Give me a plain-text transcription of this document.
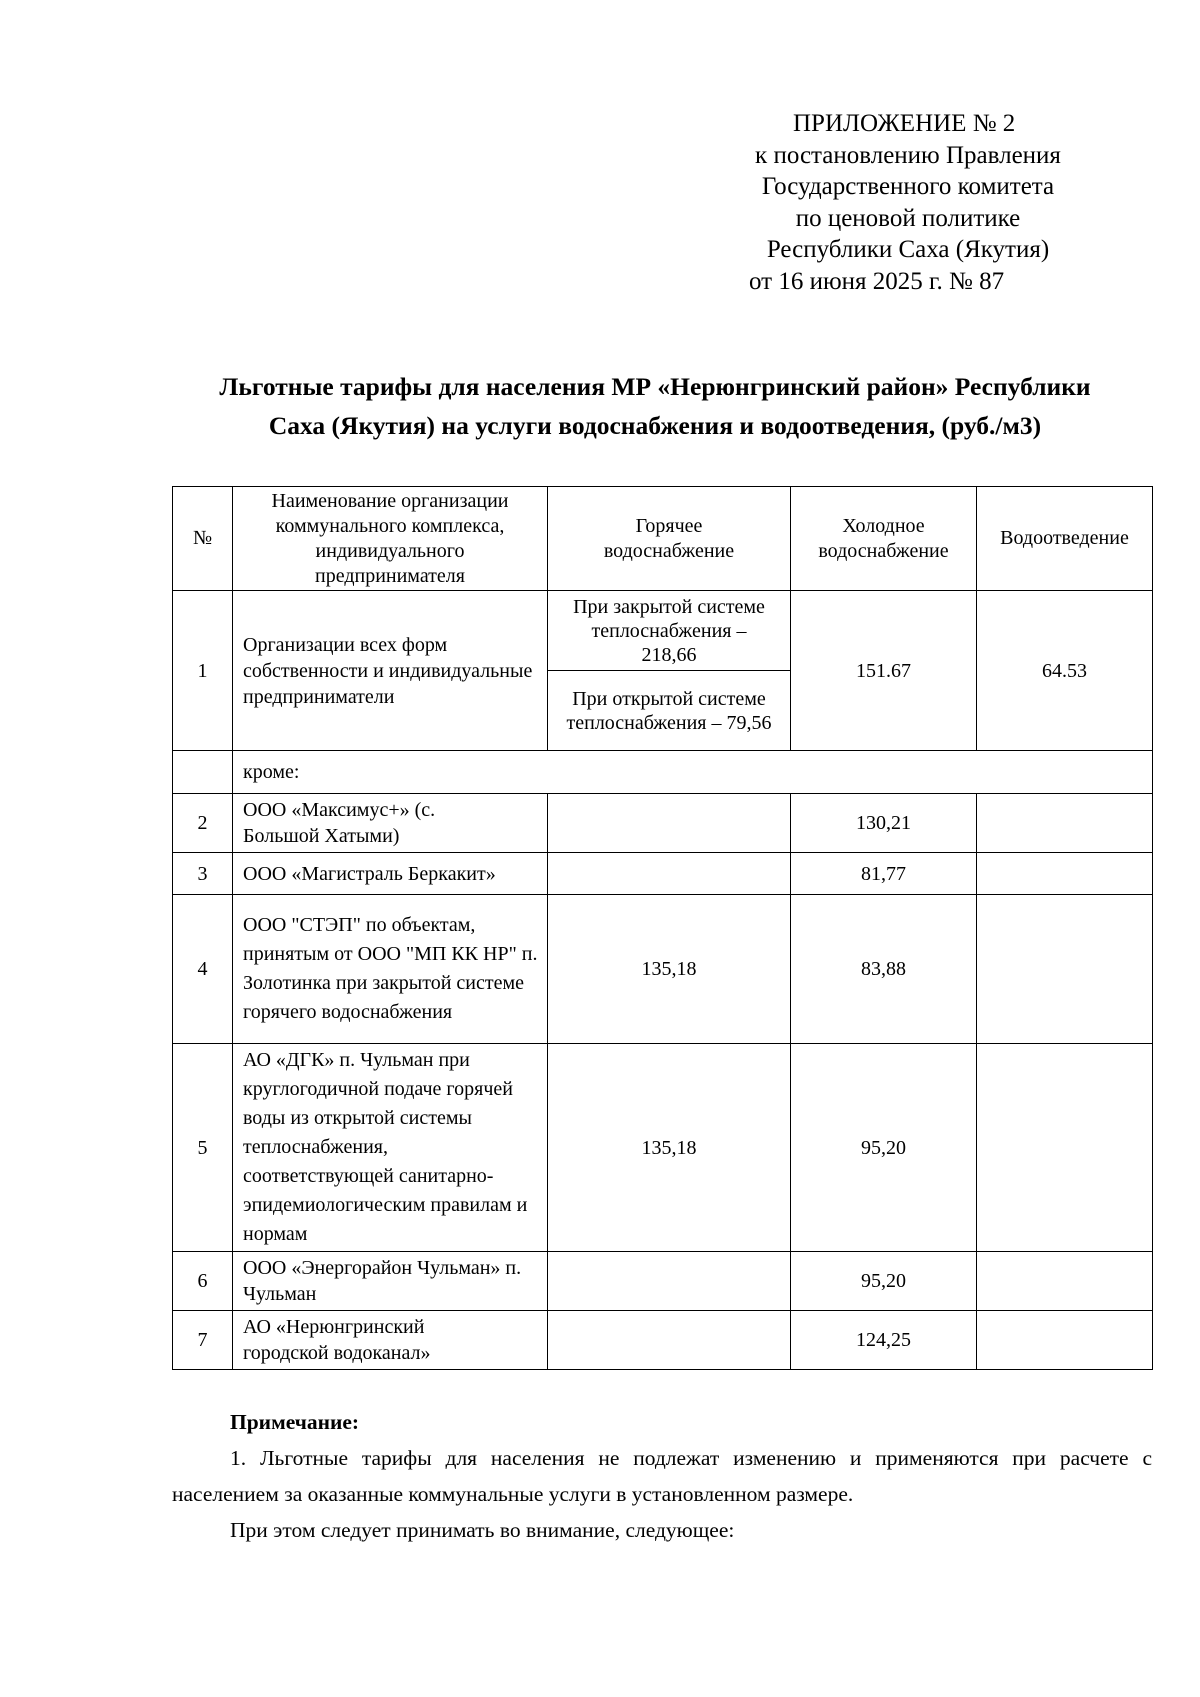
ПРИЛОЖЕНИЕ № 2
к постановлению Правления
Государственного комитета
по ценовой политике
Республики Саха (Якутия)
от 16 июня 2025 г. № 87
Льготные тарифы для населения МР «Нерюнгринский район» Республики
Саха (Якутия) на услуги водоснабжения и водоотведения, (руб./м3)
№	Наименование организации коммунального комплекса, индивидуального предпринимателя	Горячее водоснабжение	Холодное водоснабжение	Водоотведение
1	Организации всех форм собственности и индивидуальные предприниматели	При закрытой системе теплоснабжения – 218,66	151.67	64.53
		При открытой системе теплоснабжения – 79,56		
	кроме:			
2	ООО «Максимус+» (с. Большой Хатыми)		130,21	
3	ООО «Магистраль Беркакит»		81,77	
4	ООО "СТЭП" по объектам, принятым от ООО "МП КК НР" п. Золотинка при закрытой системе горячего водоснабжения	135,18	83,88	
5	АО «ДГК» п. Чульман при круглогодичной подаче горячей воды из открытой системы теплоснабжения, соответствующей санитарно-эпидемиологическим правилам и нормам	135,18	95,20	
6	ООО «Энергорайон Чульман» п. Чульман		95,20	
7	АО «Нерюнгринский городской водоканал»		124,25	
Примечание:
1. Льготные тарифы для населения не подлежат изменению и применяются при расчете с населением за оказанные коммунальные услуги в установленном размере.
При этом следует принимать во внимание, следующее:
